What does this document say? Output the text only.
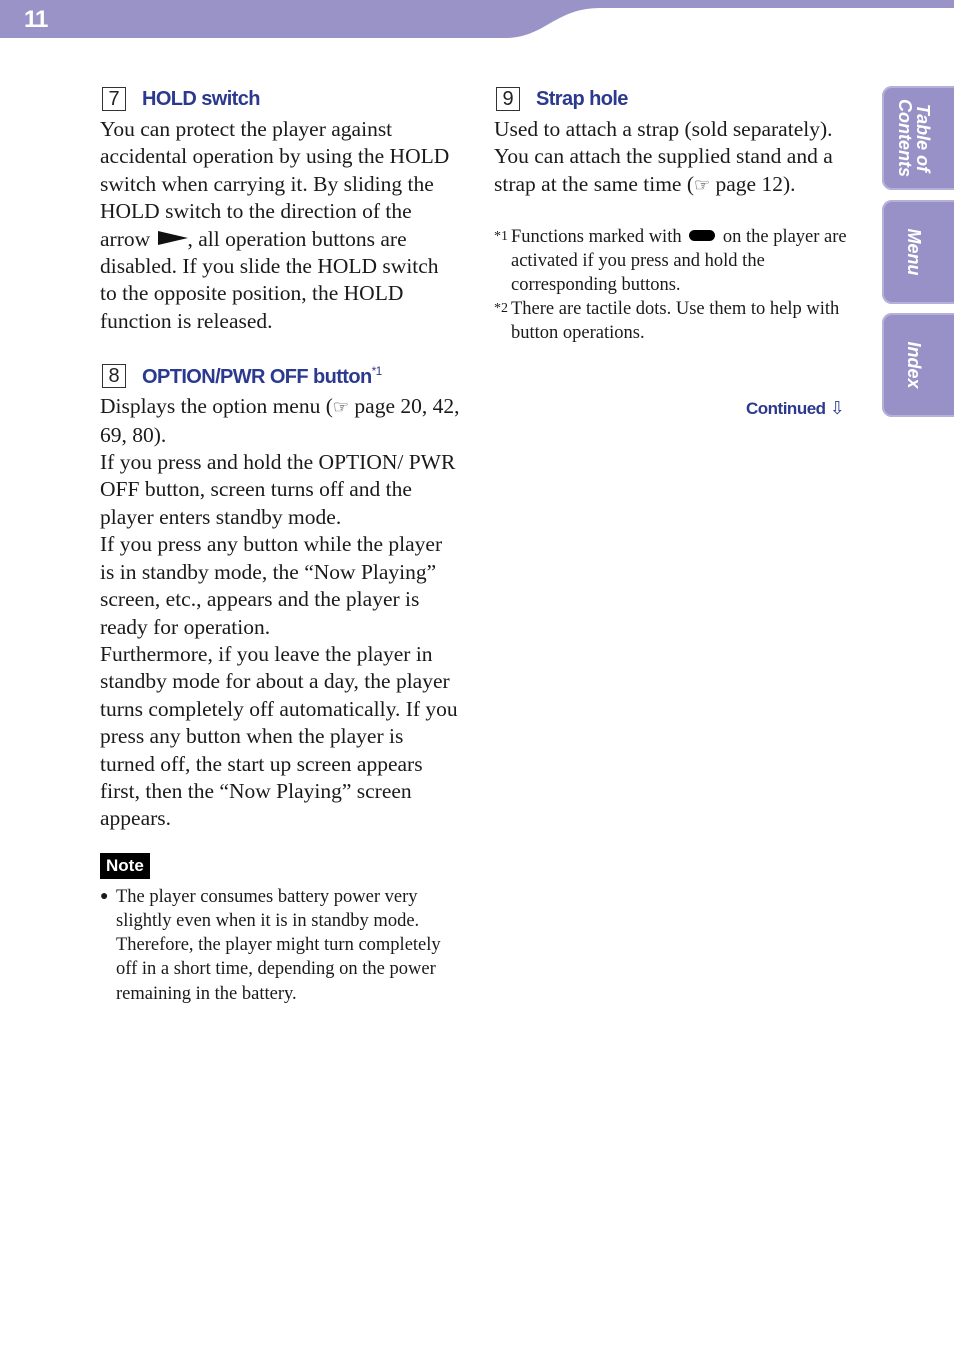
11
7	HOLD switch

You can protect the player against accidental operation by using the HOLD switch when carrying it. By sliding the HOLD switch to the direction of the arrow , all operation buttons are disabled. If you slide the HOLD switch to the opposite position, the HOLD function is released.

8	OPTION/PWR OFF button$^{*1}$

Displays the option menu (☞ page 20, 42, 69, 80).

If you press and hold the OPTION/ PWR OFF button, screen turns off and the player enters standby mode.

If you press any button while the player is in standby mode, the “Now Playing” screen, etc., appears and the player is ready for operation.

Furthermore, if you leave the player in standby mode for about a day, the player turns completely off automatically. If you press any button when the player is turned off, the start up screen appears first, then the “Now Playing” screen appears.

Note
● The player consumes battery power very slightly even when it is in standby mode. Therefore, the player might turn completely off in a short time, depending on the power remaining in the battery.
9	Strap hole

Used to attach a strap (sold separately). You can attach the supplied stand and a strap at the same time (☞ page 12).

*1 Functions marked with  on the player are activated if you press and hold the corresponding buttons.
*2 There are tactile dots. Use them to help with button operations.
Continued ⇩
Table of
Contents
Menu
Index
